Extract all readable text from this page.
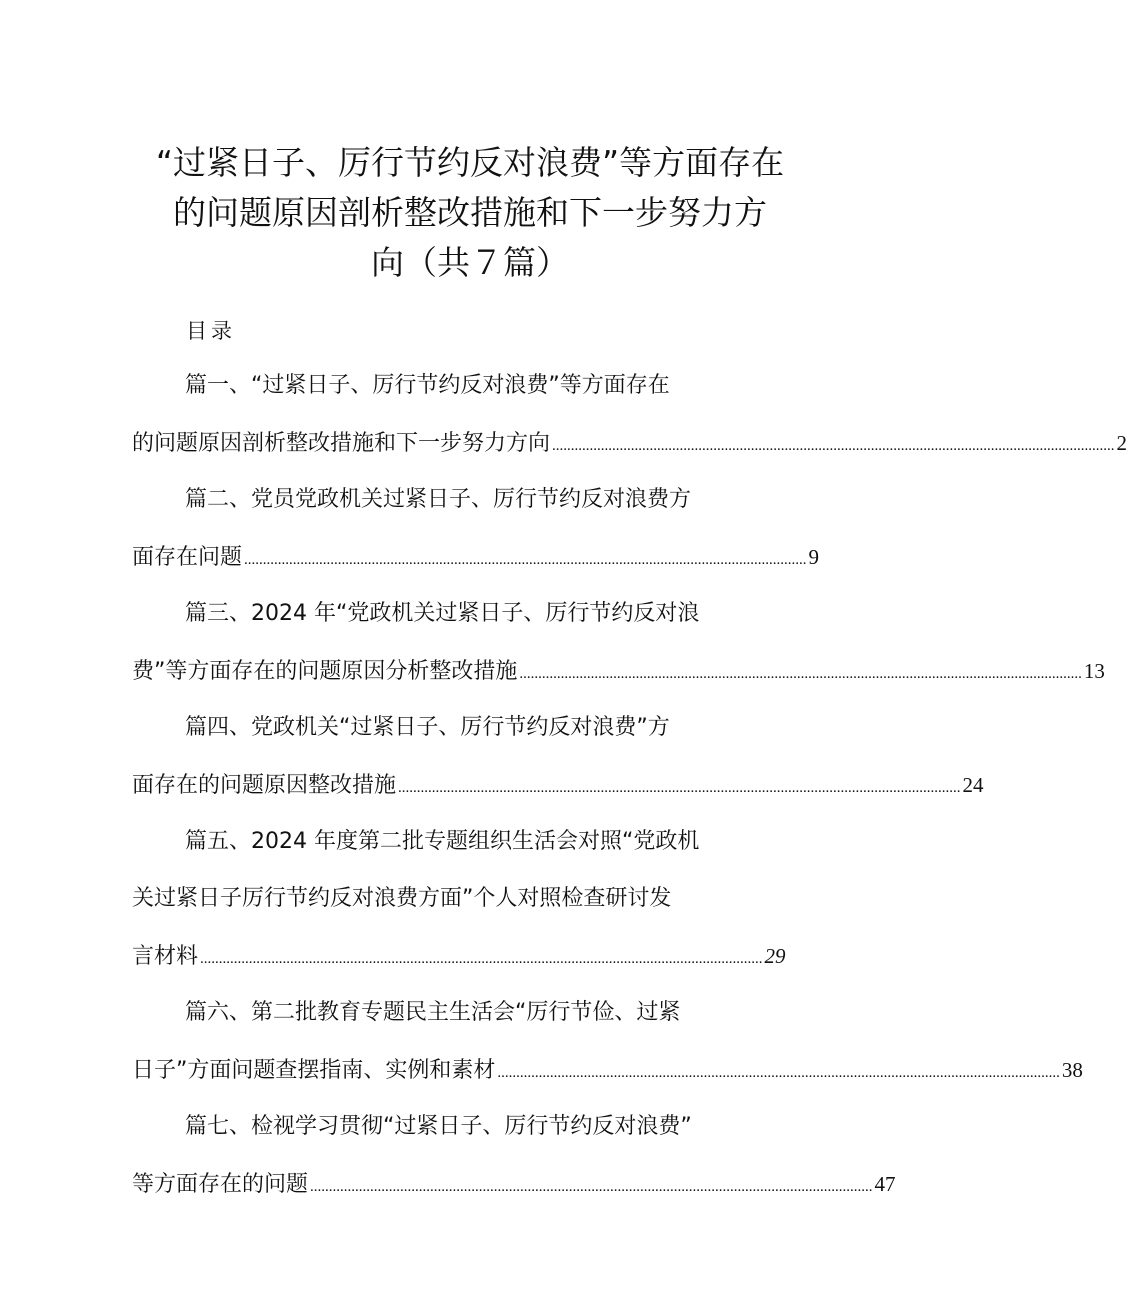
“过紧日子、厉行节约反对浪费”等方面存在
的问题原因剖析整改措施和下一步努力方
向（共７篇）
目录
篇一、“过紧日子、厉行节约反对浪费”等方面存在
的问题原因剖析整改措施和下一步努力方向 ...................................................................................................................................................... 2
篇二、党员党政机关过紧日子、厉行节约反对浪费方
面存在问题 ...................................................................................................................................................... 9
篇三、2024 年“党政机关过紧日子、厉行节约反对浪
费”等方面存在的问题原因分析整改措施 ...................................................................................................................................................... 13
篇四、党政机关“过紧日子、厉行节约反对浪费”方
面存在的问题原因整改措施 ...................................................................................................................................................... 24
篇五、2024 年度第二批专题组织生活会对照“党政机
关过紧日子厉行节约反对浪费方面”个人对照检查研讨发
言材料 ...................................................................................................................................................... 29
篇六、第二批教育专题民主生活会“厉行节俭、过紧
日子”方面问题查摆指南、实例和素材 ...................................................................................................................................................... 38
篇七、检视学习贯彻“过紧日子、厉行节约反对浪费”
等方面存在的问题 ...................................................................................................................................................... 47
